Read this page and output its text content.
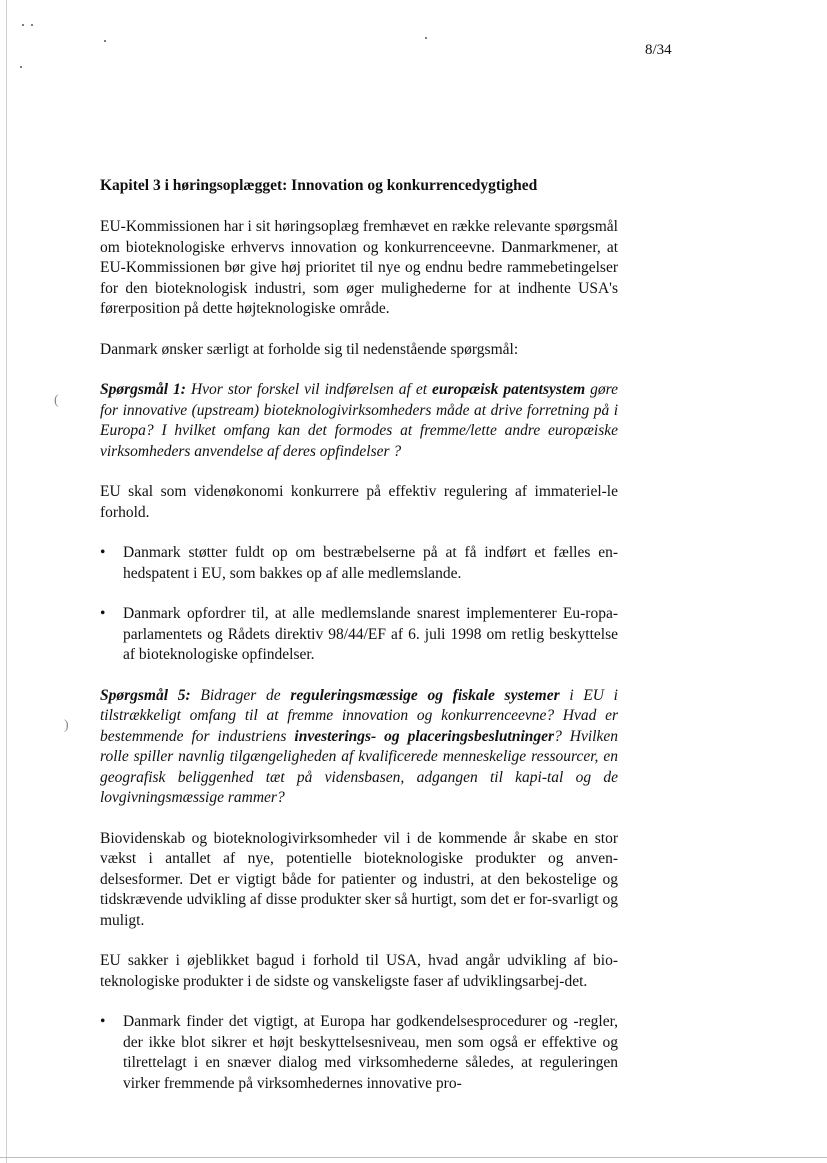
(
)
8/34
Kapitel 3 i høringsoplægget: Innovation og konkurrencedygtighed

EU-Kommissionen har i sit høringsoplæg fremhævet en række relevante spørgsmål om bioteknologiske erhvervs innovation og konkurrenceevne. Danmarkmener, at EU-Kommissionen bør give høj prioritet til nye og endnu bedre rammebetingelser for den bioteknologisk industri, som øger mulighederne for at indhente USA's førerposition på dette højteknologiske område.

Danmark ønsker særligt at forholde sig til nedenstående spørgsmål:

Spørgsmål 1: Hvor stor forskel vil indførelsen af et europæisk patentsystem gøre for innovative (upstream) bioteknologivirksomheders måde at drive forretning på i Europa? I hvilket omfang kan det formodes at fremme/lette andre europæiske virksomheders anvendelse af deres opfindelser ?

EU skal som videnøkonomi konkurrere på effektiv regulering af immateriel-le forhold.

• Danmark støtter fuldt op om bestræbelserne på at få indført et fælles en-hedspatent i EU, som bakkes op af alle medlemslande.

• Danmark opfordrer til, at alle medlemslande snarest implementerer Eu-ropa-parlamentets og Rådets direktiv 98/44/EF af 6. juli 1998 om retlig beskyttelse af bioteknologiske opfindelser.

Spørgsmål 5: Bidrager de reguleringsmæssige og fiskale systemer i EU i tilstrækkeligt omfang til at fremme innovation og konkurrenceevne? Hvad er bestemmende for industriens investerings- og placeringsbeslutninger? Hvilken rolle spiller navnlig tilgængeligheden af kvalificerede menneskelige ressourcer, en geografisk beliggenhed tæt på vidensbasen, adgangen til kapi-tal og de lovgivningsmæssige rammer?

Biovidenskab og bioteknologivirksomheder vil i de kommende år skabe en stor vækst i antallet af nye, potentielle bioteknologiske produkter og anven-delsesformer. Det er vigtigt både for patienter og industri, at den bekostelige og tidskrævende udvikling af disse produkter sker så hurtigt, som det er for-svarligt og muligt.

EU sakker i øjeblikket bagud i forhold til USA, hvad angår udvikling af bio-teknologiske produkter i de sidste og vanskeligste faser af udviklingsarbej-det.

• Danmark finder det vigtigt, at Europa har godkendelsesprocedurer og -regler, der ikke blot sikrer et højt beskyttelsesniveau, men som også er effektive og tilrettelagt i en snæver dialog med virksomhederne således, at reguleringen virker fremmende på virksomhedernes innovative pro-
